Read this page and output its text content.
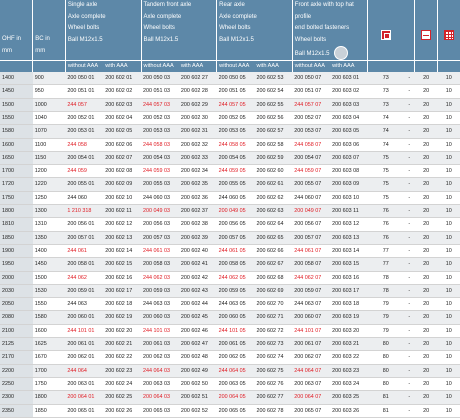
OHF in
mm	BC in
mm	Single axle
Axle complete
Wheel bolts
Ball M12x1.5		Tandem front axle
Axle complete
Wheel bolts
Ball M12x1.5		Rear axle
Axle complete
Wheel bolts
Ball M12x1.5		Front axle with top hat
profile
end bolted fasteners
Wheel bolts
Ball M12x1.5					
		without AAA	with AAA	without AAA	with AAA	without AAA	with AAA	without AAA	with AAA				
1400	900	200 050 01	200 602 01	200 050 03	200 602 27	200 050 05	200 602 53	200 050 07	200 603 01	73	-	20	10
1450	950	200 051 01	200 602 02	200 051 03	200 602 28	200 051 05	200 602 54	200 051 07	200 603 02	73	-	20	10
1500	1000	244 057	200 602 03	244 057 03	200 602 29	244 057 05	200 602 55	244 057 07	200 603 03	73	-	20	10
1550	1040	200 052 01	200 602 04	200 052 03	200 602 30	200 052 05	200 602 56	200 052 07	200 603 04	74	-	20	10
1580	1070	200 053 01	200 602 05	200 053 03	200 602 31	200 053 05	200 602 57	200 053 07	200 603 05	74	-	20	10
1600	1100	244 058	200 602 06	244 058 03	200 602 32	244 058 05	200 602 58	244 058 07	200 603 06	74	-	20	10
1650	1150	200 054 01	200 602 07	200 054 03	200 602 33	200 054 05	200 602 59	200 054 07	200 603 07	75	-	20	10
1700	1200	244 059	200 602 08	244 059 03	200 602 34	244 059 05	200 602 60	244 059 07	200 603 08	75	-	20	10
1720	1220	200 055 01	200 602 09	200 055 03	200 602 35	200 055 05	200 602 61	200 055 07	200 603 09	75	-	20	10
1750	1250	244 060	200 602 10	244 060 03	200 602 36	244 060 05	200 602 62	244 060 07	200 603 10	75	-	20	10
1800	1300	1 210 318	200 602 11	200 049 03	200 602 37	200 049 05	200 602 63	200 049 07	200 603 11	76	-	20	10
1810	1310	200 056 01	200 602 12	200 056 03	200 602 38	200 056 05	200 602 64	200 056 07	200 603 12	76	-	20	10
1850	1350	200 057 01	200 602 13	200 057 03	200 602 39	200 057 05	200 602 65	200 057 07	200 603 13	76	-	20	10
1900	1400	244 061	200 602 14	244 061 03	200 602 40	244 061 05	200 602 66	244 061 07	200 603 14	77	-	20	10
1950	1450	200 058 01	200 602 15	200 058 03	200 602 41	200 058 05	200 602 67	200 058 07	200 603 15	77	-	20	10
2000	1500	244 062	200 602 16	244 062 03	200 602 42	244 062 05	200 602 68	244 062 07	200 603 16	78	-	20	10
2030	1530	200 059 01	200 602 17	200 059 03	200 602 43	200 059 05	200 602 69	200 059 07	200 603 17	78	-	20	10
2050	1550	244 063	200 602 18	244 063 03	200 602 44	244 063 05	200 602 70	244 063 07	200 603 18	79	-	20	10
2080	1580	200 060 01	200 602 19	200 060 03	200 602 45	200 060 05	200 602 71	200 060 07	200 603 19	79	-	20	10
2100	1600	244 101 01	200 602 20	244 101 03	200 602 46	244 101 05	200 602 72	244 101 07	200 603 20	79	-	20	10
2125	1625	200 061 01	200 602 21	200 061 03	200 602 47	200 061 05	200 602 73	200 061 07	200 603 21	80	-	20	10
2170	1670	200 062 01	200 602 22	200 062 03	200 602 48	200 062 05	200 602 74	200 062 07	200 603 22	80	-	20	10
2200	1700	244 064	200 602 23	244 064 03	200 602 49	244 064 05	200 602 75	244 064 07	200 603 23	80	-	20	10
2250	1750	200 063 01	200 602 24	200 063 03	200 602 50	200 063 05	200 602 76	200 063 07	200 603 24	80	-	20	10
2300	1800	200 064 01	200 602 25	200 064 03	200 602 51	200 064 05	200 602 77	200 064 07	200 603 25	81	-	20	10
2350	1850	200 065 01	200 602 26	200 065 03	200 602 52	200 065 05	200 602 78	200 065 07	200 603 26	81	-	20	10
